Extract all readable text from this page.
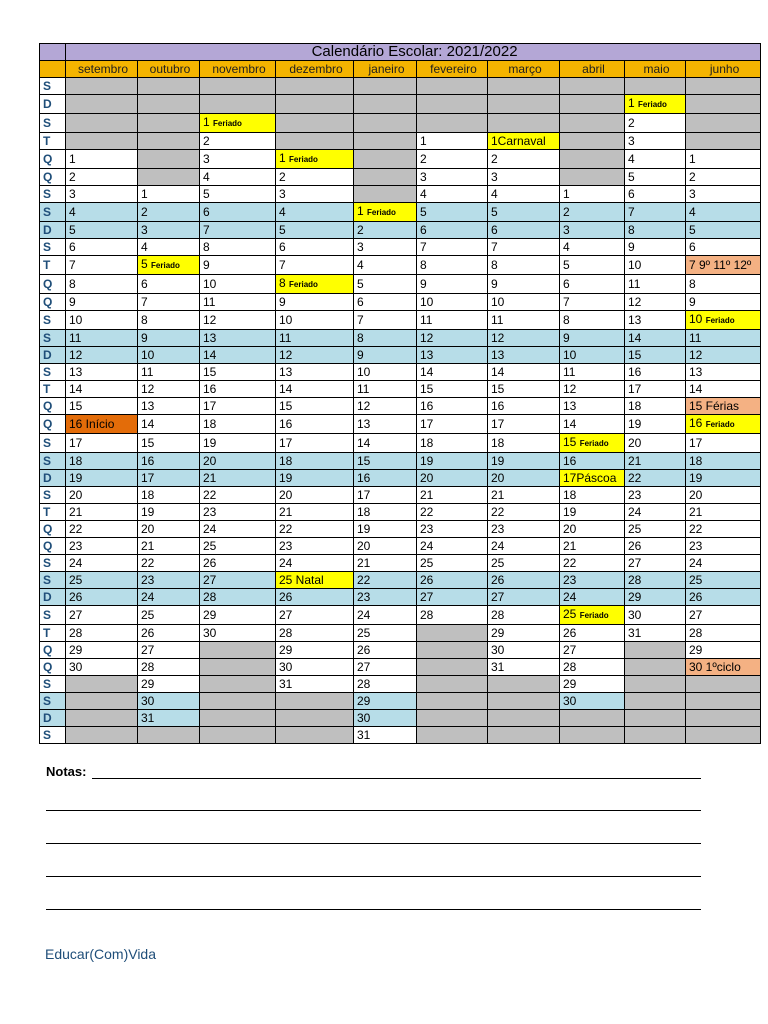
	Calendário Escolar: 2021/2022									
	setembro	outubro	novembro	dezembro	janeiro	fevereiro	março	abril	maio	junho
S										
D									1 Feriado	
S			1 Feriado						2	
T			2			1	1Carnaval		3	
Q	1		3	1 Feriado		2	2		4	1
Q	2		4	2		3	3		5	2
S	3	1	5	3		4	4	1	6	3
S	4	2	6	4	1 Feriado	5	5	2	7	4
D	5	3	7	5	2	6	6	3	8	5
S	6	4	8	6	3	7	7	4	9	6
T	7	5 Feriado	9	7	4	8	8	5	10	7 9º 11º 12º
Q	8	6	10	8 Feriado	5	9	9	6	11	8
Q	9	7	11	9	6	10	10	7	12	9
S	10	8	12	10	7	11	11	8	13	10 Feriado
S	11	9	13	11	8	12	12	9	14	11
D	12	10	14	12	9	13	13	10	15	12
S	13	11	15	13	10	14	14	11	16	13
T	14	12	16	14	11	15	15	12	17	14
Q	15	13	17	15	12	16	16	13	18	15 Férias
Q	16 Início	14	18	16	13	17	17	14	19	16 Feriado
S	17	15	19	17	14	18	18	15 Feriado	20	17
S	18	16	20	18	15	19	19	16	21	18
D	19	17	21	19	16	20	20	17Páscoa	22	19
S	20	18	22	20	17	21	21	18	23	20
T	21	19	23	21	18	22	22	19	24	21
Q	22	20	24	22	19	23	23	20	25	22
Q	23	21	25	23	20	24	24	21	26	23
S	24	22	26	24	21	25	25	22	27	24
S	25	23	27	25 Natal	22	26	26	23	28	25
D	26	24	28	26	23	27	27	24	29	26
S	27	25	29	27	24	28	28	25 Feriado	30	27
T	28	26	30	28	25		29	26	31	28
Q	29	27		29	26		30	27		29
Q	30	28		30	27		31	28		30 1ºciclo
S		29		31	28			29		
S		30			29			30		
D		31			30					
S					31					
Notas:
Educar(Com)Vida
